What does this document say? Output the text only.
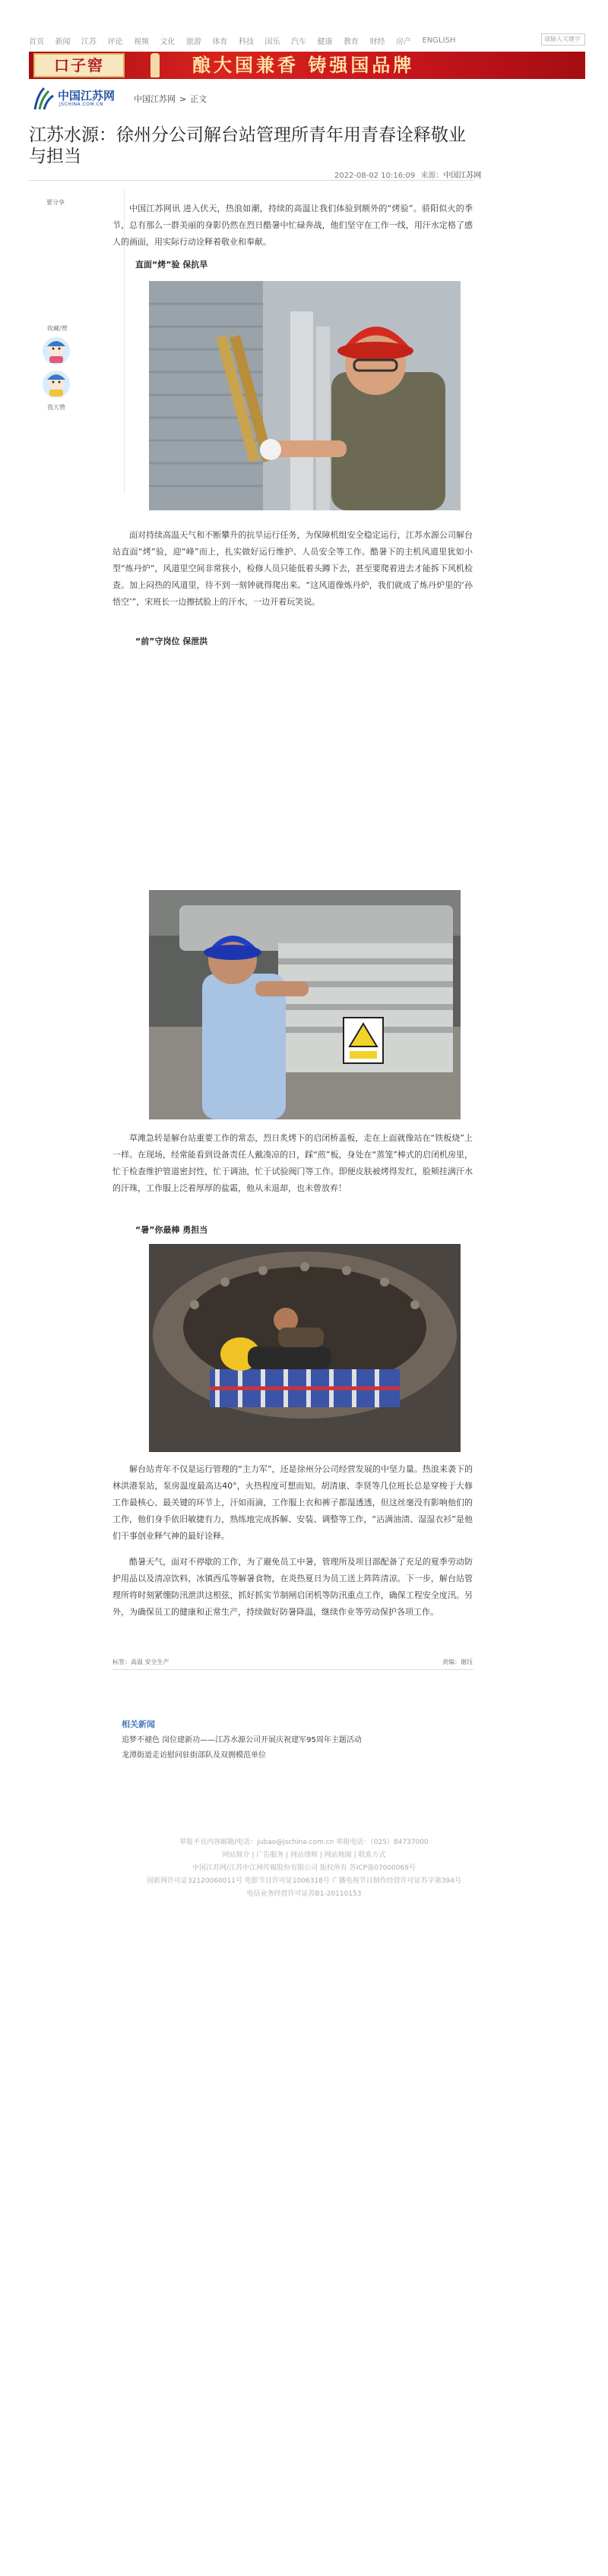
首页 新闻 江苏 评论 视频 文化 旅游 体育 科技 国乐 汽车 健康 教育 财经 房产 ENGLISH	请输入关键字
口子窖	酿大国兼香 铸强国品牌
中国江苏网
JSCHINA.COM.CN
中国江苏网 > 正文
江苏水源：徐州分公司解台站管理所青年用青春诠释敬业与担当
2022-08-02 10:16:09 来源：中国江苏网
要分享
收藏/赞
我大赞

中国江苏网讯 进入伏天，热浪如潮，持续的高温让我们体验到额外的“烤验”。骄阳似火的季节，总有那么一群美丽的身影仍然在烈日酷暑中忙碌奔战，他们坚守在工作一线，用汗水定格了感人的画面，用实际行动诠释着敬业和奉献。

直面“烤”验 保抗旱

面对持续高温天气和不断攀升的抗旱运行任务，为保障机组安全稳定运行，江苏水源公司解台站直面“烤”验，迎“峰”而上，扎实做好运行维护、人员安全等工作。酷暑下的主机风道里犹如小型“炼丹炉”，风道里空间非常狭小，检修人员只能低着头蹲下去，甚至要爬着进去才能拆下风机检查。加上闷热的风道里，待不到一刻钟就得爬出来。“这风道像炼丹炉，我们就成了炼丹炉里的‘孙悟空’”，宋班长一边擦拭脸上的汗水，一边开着玩笑说。

“前”守岗位 保泄洪

草滩急转是解台站重要工作的常态，烈日炙烤下的启闭桥盖板，走在上面就像站在“铁板烧”上一样。在现场，经常能看到设备责任人戴凑凉的日，踩“煎”板，身处在“蒸笼”棒式的启闭机房里，忙于检查维护管道密封性，忙于调油，忙于试验阀门等工作。即便皮肤被烤得发红，脸颊挂满汗水的汗珠，工作服上泛着厚厚的盐霜，他从未退却，也未曾放弃！

“暑”你最棒 勇担当

解台站青年不仅是运行管理的“主力军”，还是徐州分公司经营发展的中坚力量。热浪来袭下的林洪港泵站，泵房温度最高达40°，火热程度可想而知。胡清康、李贤等几位班长总是穿梭于大修工作最核心、最关键的环节上，汗如雨滴，工作服上衣和裤子都湿透透，但这丝毫没有影响他们的工作，他们身手依旧敏捷有力，熟练地完成拆解、安装、调整等工作，“沾满油渍、湿湿衣衫”是他们干事创业释气神的最好诠释。

酷暑天气，面对不停歇的工作，为了避免员工中暑，管理所及项目部配备了充足的夏季劳动防护用品以及清凉饮料，冰镇西瓜等解暑食物，在炎热夏日为员工送上阵阵清凉。下一步，解台站管理所将时刻紧绷防汛泄洪这根弦，抓好抓实节制闸启闭机等防汛重点工作，确保工程安全度汛。另外，为确保员工的健康和正常生产，持续做好防暑降温，继续作业等劳动保护各项工作。

标签：高温 安全生产	责编：谢珏
相关新闻
追梦不褪色 岗位建新功——江苏水源公司开展庆祝建军95周年主题活动
龙潭街道走访慰问驻街部队及双拥模范单位
举报不良内容邮箱/电话：jubao@jschina.com.cn 举报电话：（025）84737000
网站简介 | 广告服务 | 网站律师 | 网站地图 | 联系方式
中国江苏网/江苏中江网传媒股份有限公司 版权所有 苏ICP备07000069号
国新网许可证32120060011号 电影节目许可证1006318号 广播电视节目制作经营许可证苏字第394号
电信业务经营许可证苏B1-20110153
